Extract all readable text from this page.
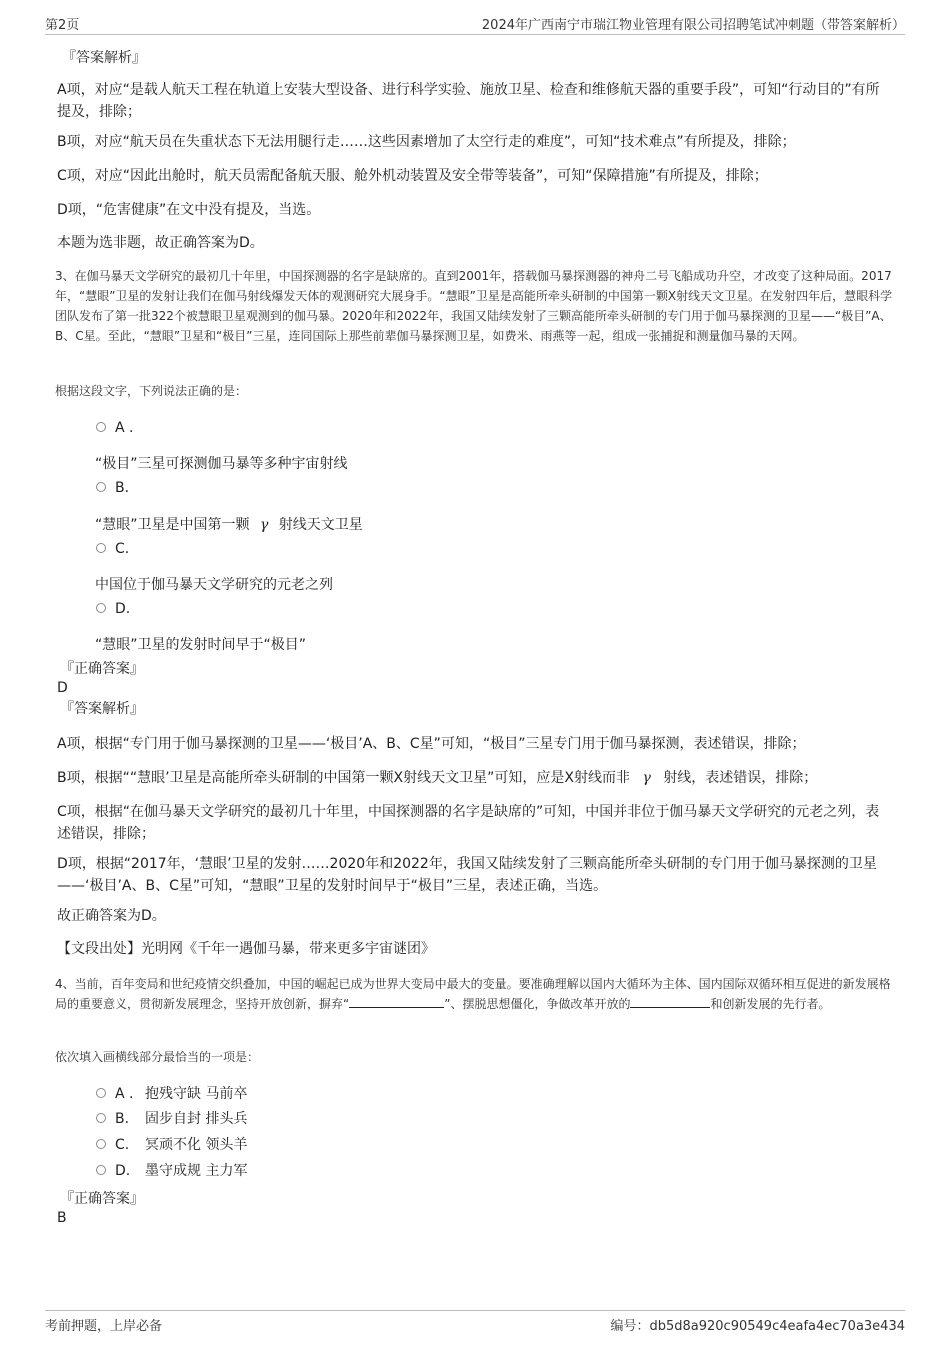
第2页	2024年广西南宁市瑞江物业管理有限公司招聘笔试冲刺题（带答案解析）
『答案解析』
A项，对应“是载人航天工程在轨道上安装大型设备、进行科学实验、施放卫星、检查和维修航天器的重要手段”，可知“行动目的”有所提及，排除；
B项，对应“航天员在失重状态下无法用腿行走……这些因素增加了太空行走的难度”，可知“技术难点”有所提及，排除；
C项，对应“因此出舱时，航天员需配备航天服、舱外机动装置及安全带等装备”，可知“保障措施”有所提及，排除；
D项，“危害健康”在文中没有提及，当选。
本题为选非题，故正确答案为D。
3、在伽马暴天文学研究的最初几十年里，中国探测器的名字是缺席的。直到2001年，搭载伽马暴探测器的神舟二号飞船成功升空，才改变了这种局面。2017年，“慧眼”卫星的发射让我们在伽马射线爆发天体的观测研究大展身手。“慧眼”卫星是高能所牵头研制的中国第一颗X射线天文卫星。在发射四年后，慧眼科学团队发布了第一批322个被慧眼卫星观测到的伽马暴。2020年和2022年，我国又陆续发射了三颗高能所牵头研制的专门用于伽马暴探测的卫星——“极目”A、B、C星。至此，“慧眼”卫星和“极目”三星，连同国际上那些前辈伽马暴探测卫星，如费米、雨燕等一起，组成一张捕捉和测量伽马暴的天网。
根据这段文字，下列说法正确的是：
A .
“极目”三星可探测伽马暴等多种宇宙射线
B.
“慧眼”卫星是中国第一颗 γ 射线天文卫星
C.
中国位于伽马暴天文学研究的元老之列
D.
“慧眼”卫星的发射时间早于“极目”
『正确答案』
D
『答案解析』
A项，根据“专门用于伽马暴探测的卫星——‘极目’A、B、C星”可知，“极目”三星专门用于伽马暴探测，表述错误，排除；
B项，根据““慧眼’卫星是高能所牵头研制的中国第一颗X射线天文卫星”可知，应是X射线而非 γ 射线，表述错误，排除；
C项，根据“在伽马暴天文学研究的最初几十年里，中国探测器的名字是缺席的”可知，中国并非位于伽马暴天文学研究的元老之列，表述错误，排除；
D项，根据“2017年，‘慧眼’卫星的发射……2020年和2022年，我国又陆续发射了三颗高能所牵头研制的专门用于伽马暴探测的卫星——‘极目’A、B、C星”可知，“慧眼”卫星的发射时间早于“极目”三星，表述正确，当选。
故正确答案为D。
【文段出处】光明网《千年一遇伽马暴，带来更多宇宙谜团》
4、当前，百年变局和世纪疫情交织叠加，中国的崛起已成为世界大变局中最大的变量。要准确理解以国内大循环为主体、国内国际双循环相互促进的新发展格局的重要意义，贯彻新发展理念，坚持开放创新，摒弃“	”、摆脱思想僵化，争做改革开放的	和创新发展的先行者。
依次填入画横线部分最恰当的一项是：
A . 抱残守缺 马前卒
B. 固步自封 排头兵
C. 冥顽不化 领头羊
D. 墨守成规 主力军
『正确答案』
B
考前押题，上岸必备	编号：db5d8a920c90549c4eafa4ec70a3e434
